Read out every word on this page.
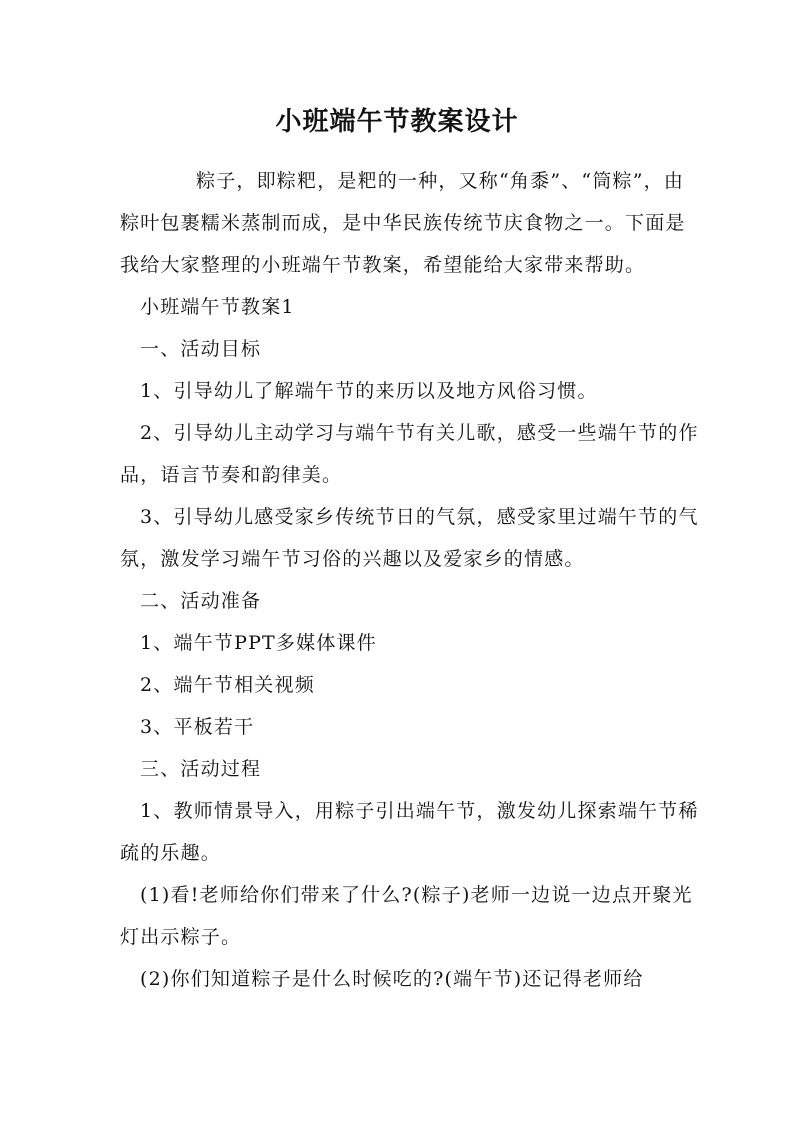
小班端午节教案设计

粽子，即粽粑，是粑的一种，又称“角黍”、“筒粽”，由粽叶包裹糯米蒸制而成，是中华民族传统节庆食物之一。下面是我给大家整理的小班端午节教案，希望能给大家带来帮助。

小班端午节教案1

一、活动目标

1、引导幼儿了解端午节的来历以及地方风俗习惯。

2、引导幼儿主动学习与端午节有关儿歌，感受一些端午节的作品，语言节奏和韵律美。

3、引导幼儿感受家乡传统节日的气氛，感受家里过端午节的气氛，激发学习端午节习俗的兴趣以及爱家乡的情感。

二、活动准备

1、端午节PPT多媒体课件

2、端午节相关视频

3、平板若干

三、活动过程

1、教师情景导入，用粽子引出端午节，激发幼儿探索端午节稀疏的乐趣。

(1)看!老师给你们带来了什么?(粽子)老师一边说一边点开聚光灯出示粽子。

(2)你们知道粽子是什么时候吃的?(端午节)还记得老师给
